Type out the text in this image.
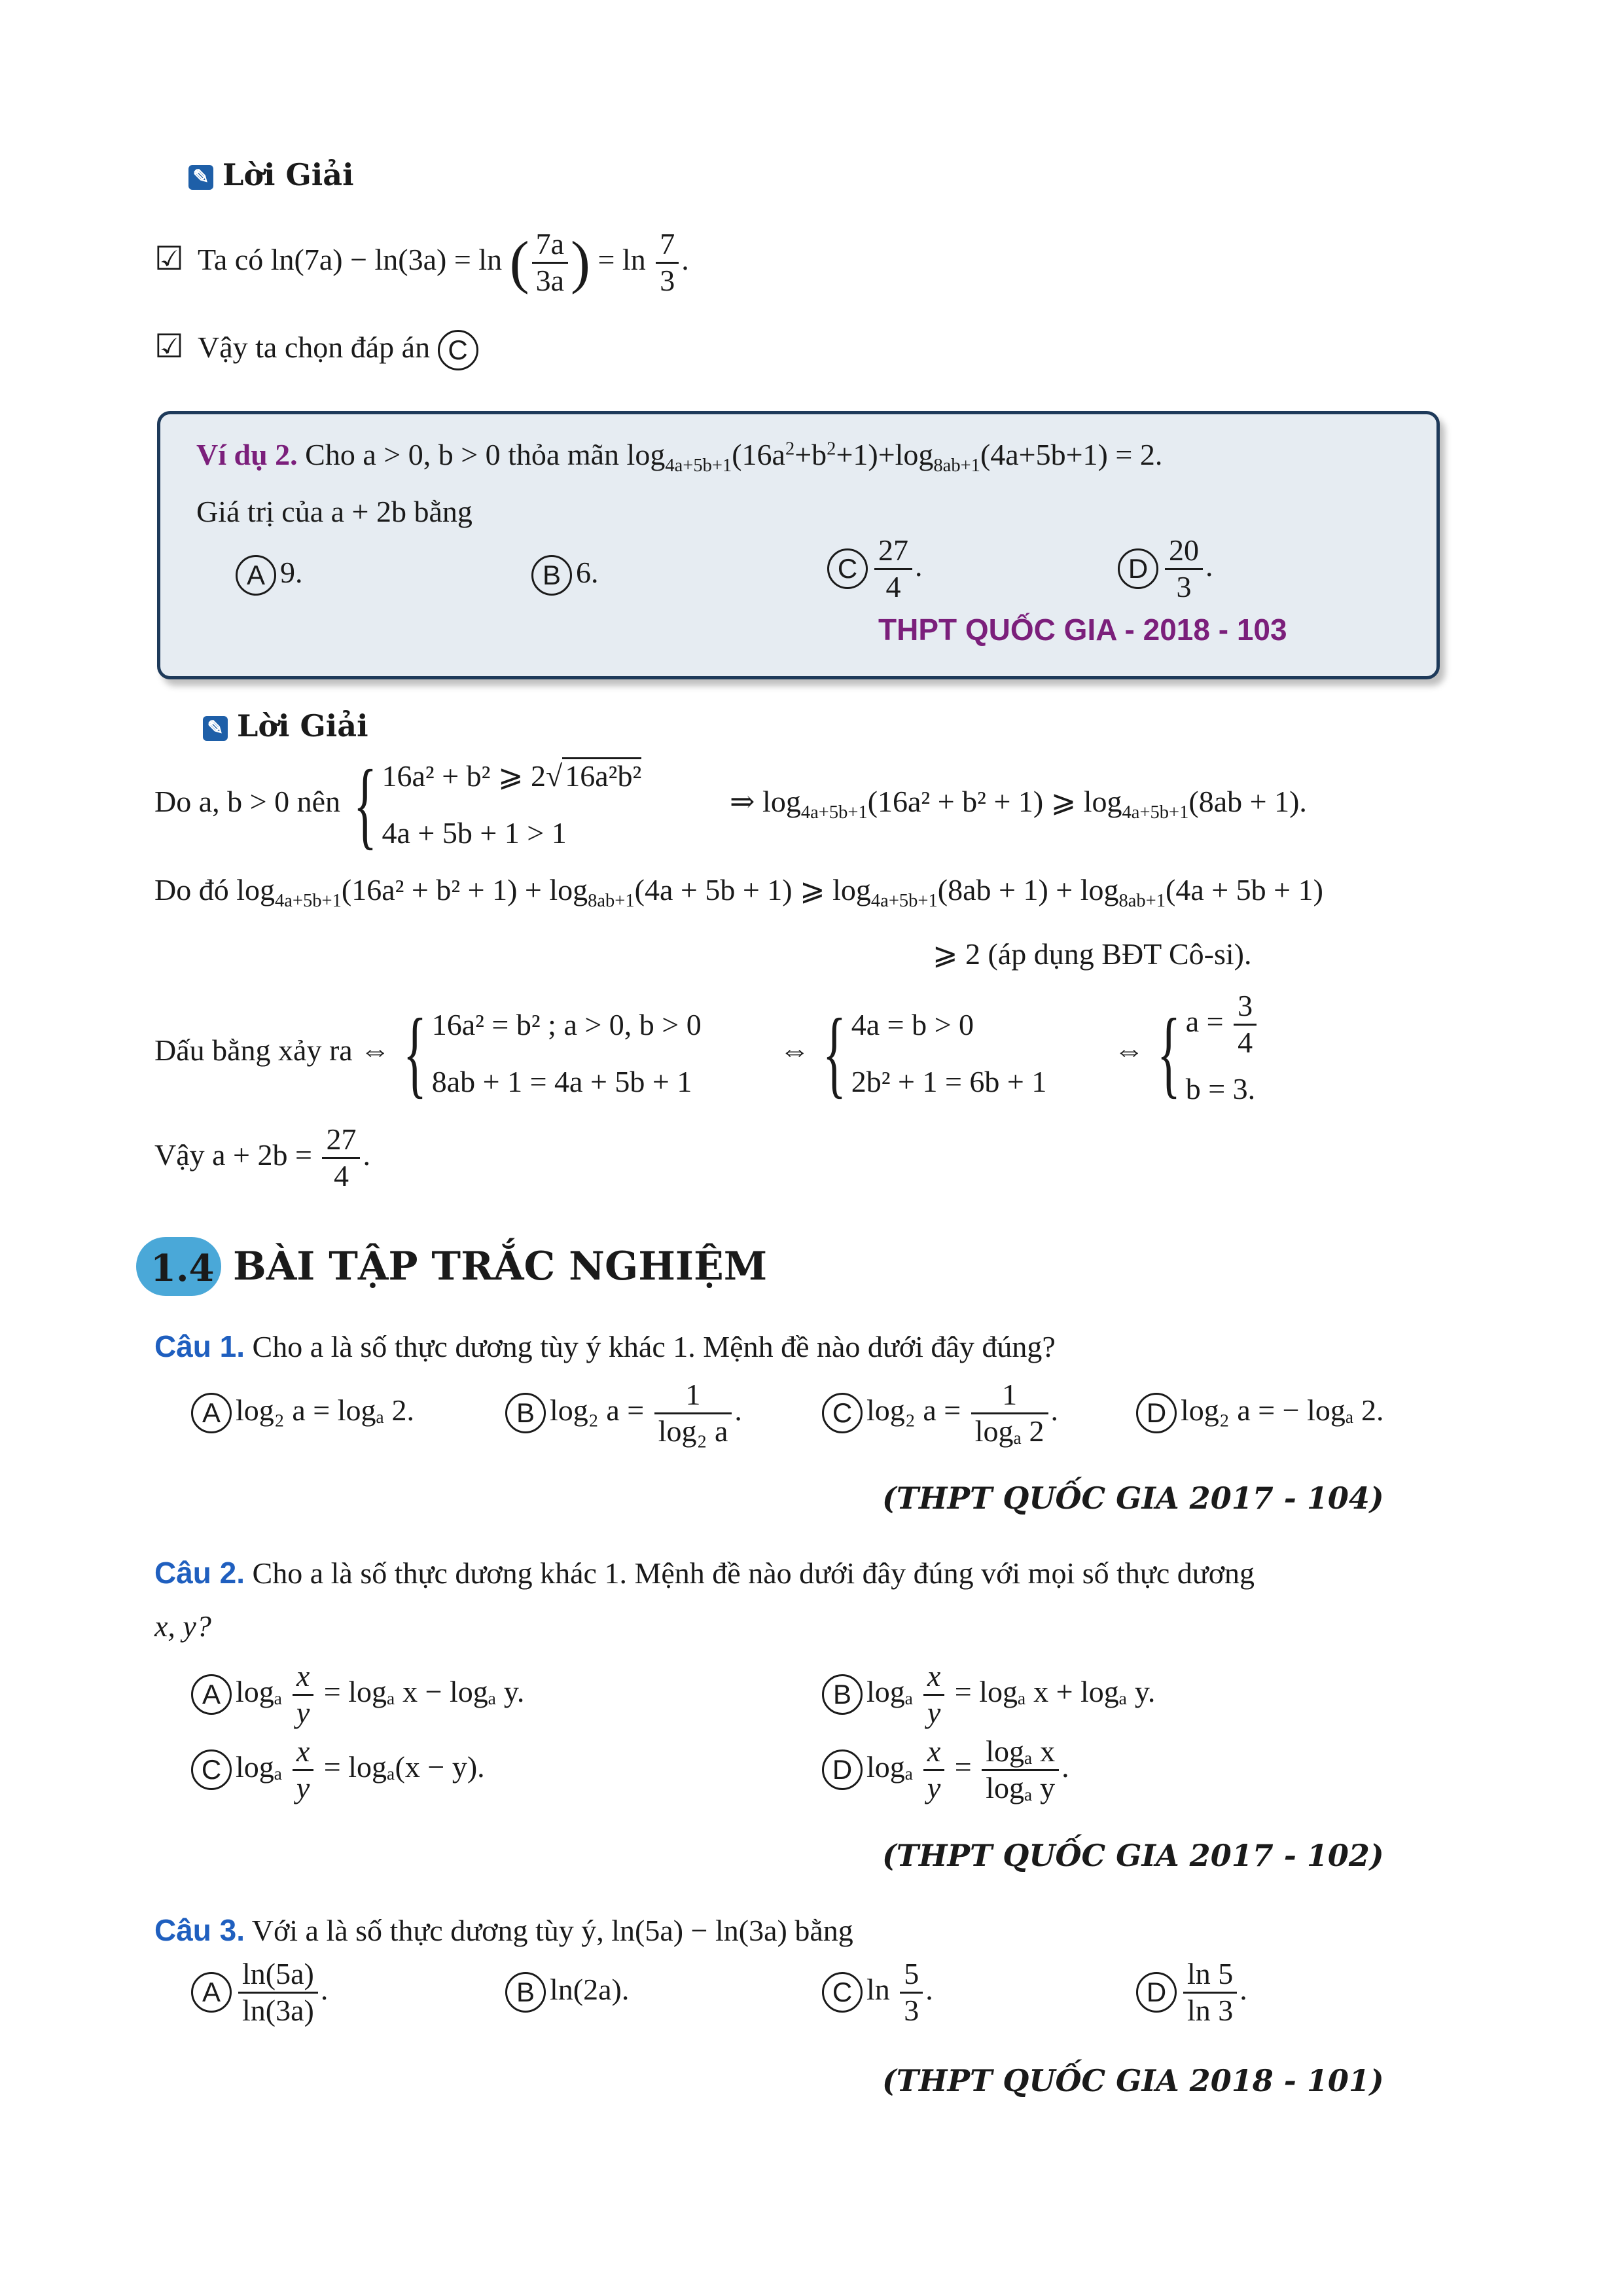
✎ Lời Giải
☑ Ta có ln(7a) − ln(3a) = ln ( $\frac{7a}{3a}$ ) = $\ln \frac{7}{3}$ .
☑ Vậy ta chọn đáp án C
Ví dụ 2. Cho a > 0, b > 0 thỏa mãn $\log_{4a+5b+1}(16a^2+b^2+1)+\log_{8ab+1}(4a+5b+1) = 2$.
Giá trị của a + 2b bằng
A 9.	B 6.	C $\frac{27}{4}$ .	D $\frac{20}{3}$ .
THPT QUỐC GIA - 2018 - 103
✎ Lời Giải
Do a, b > 0 nên { 16a² + b² ⩾ 2√16a²b²
4a + 5b + 1 > 1
⇒ $\log_{4a+5b+1}(16a^2 + b^2 + 1)$ ⩾ $\log_{4a+5b+1}(8ab + 1)$.
Do đó $\log_{4a+5b+1}(16a^2 + b^2 + 1) + \log_{8ab+1}(4a + 5b + 1)$ ⩾ $\log_{4a+5b+1}(8ab + 1) + \log_{8ab+1}(4a + 5b + 1)$
⩾ 2 (áp dụng BĐT Cô-si).
Dấu bằng xảy ra ⇔ { 16a² = b² ; a > 0, b > 0
8ab + 1 = 4a + 5b + 1
⇔ { 4a = b > 0
2b² + 1 = 6b + 1
⇔ { $a = \frac{3}{4}$
b = 3.
Vậy $a + 2b = \frac{27}{4}$ .
1.4 BÀI TẬP TRẮC NGHIỆM
Câu 1. Cho a là số thực dương tùy ý khác 1. Mệnh đề nào dưới đây đúng?
A log₂ a = logₐ 2.	B log₂ $a = \frac{1}{\text{log₂ a}}$ .	C log₂ $a = \frac{1}{\text{logₐ 2}}$ .	D log₂ a = − logₐ 2.
(THPT QUỐC GIA 2017 - 104)
Câu 2. Cho a là số thực dương khác 1. Mệnh đề nào dưới đây đúng với mọi số thực dương
x, y?
A logₐ $\frac{x}{y} = \log_a$ x − logₐ y.	B logₐ $\frac{x}{y} = \log_a$ x + logₐ y.
C logₐ $\frac{x}{y} = \log_a(x - y)$.	D logₐ $\frac{x}{y} = \frac{\text{logₐ x}}{\text{logₐ y}}$ .
(THPT QUỐC GIA 2017 - 102)
Câu 3. Với a là số thực dương tùy ý, ln(5a) − ln(3a) bằng
A $\frac{\ln(5a)}{\ln(3a)}$ .	B ln(2a).	C $\ln \frac{5}{3}$ .	D $\frac{\ln 5}{\ln 3}$ .
(THPT QUỐC GIA 2018 - 101)
